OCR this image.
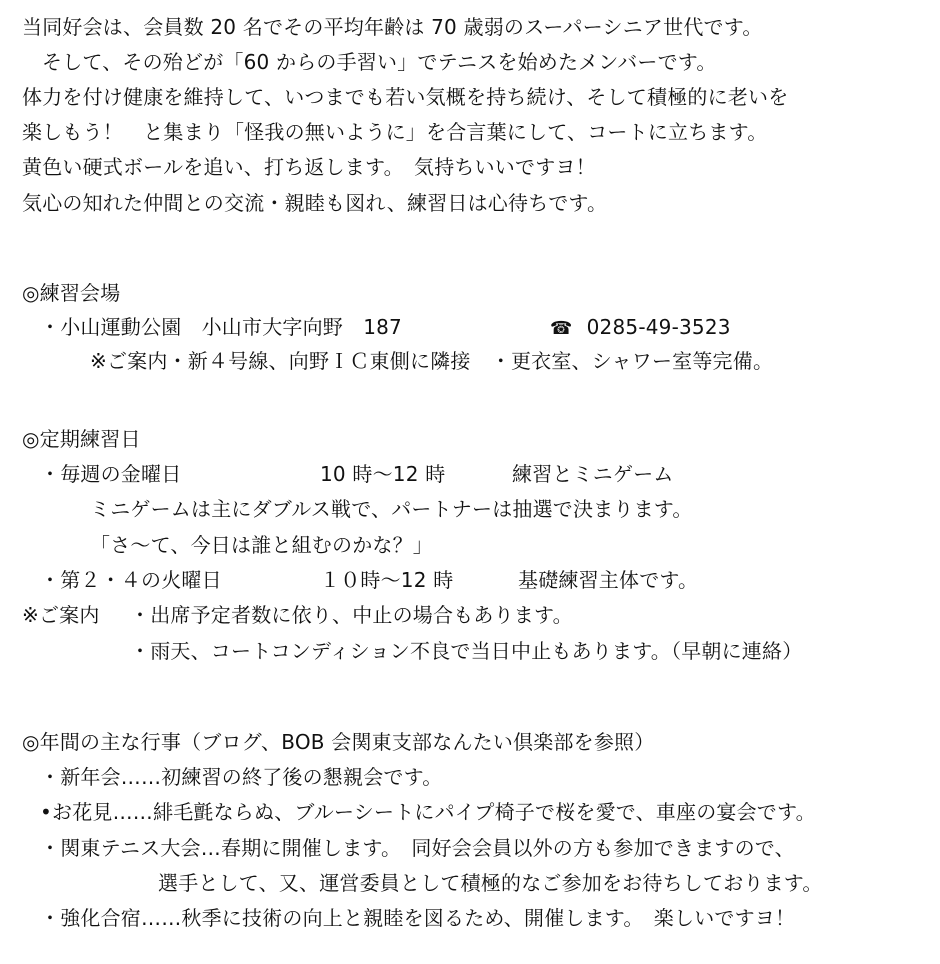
当同好会は、会員数 20 名でその平均年齢は 70 歳弱のスーパーシニア世代です。
そして、その殆どが「60 からの手習い」でテニスを始めたメンバーです。
体力を付け健康を維持して、いつまでも若い気概を持ち続け、そして積極的に老いを
楽しもう！　と集まり「怪我の無いように」を合言葉にして、コートに立ちます。
黄色い硬式ボールを追い、打ち返します。　気持ちいいですヨ！
気心の知れた仲間との交流・親睦も図れ、練習日は心待ちです。
◎練習会場
・小山運動公園　小山市大字向野　187	☎ 0285-49-3523
※ご案内・新４号線、向野ＩＣ東側に隣接　・更衣室、シャワー室等完備。
◎定期練習日
・毎週の金曜日	10 時～12 時	練習とミニゲーム
ミニゲームは主にダブルス戦で、パートナーは抽選で決まります。
「さ～て、今日は誰と組むのかな？」
・第２・４の火曜日	１０時～12 時	基礎練習主体です。
※ご案内 ・出席予定者数に依り、中止の場合もあります。
・雨天、コートコンディション不良で当日中止もあります。（早朝に連絡）
◎年間の主な行事（ブログ、BOB 会関東支部なんたい倶楽部を参照）
・新年会……初練習の終了後の懇親会です。
•お花見……緋毛氈ならぬ、ブルーシートにパイプ椅子で桜を愛で、車座の宴会です。
・関東テニス大会…春期に開催します。　同好会会員以外の方も参加できますので、
選手として、又、運営委員として積極的なご参加をお待ちしております。
・強化合宿……秋季に技術の向上と親睦を図るため、開催します。　楽しいですヨ！
